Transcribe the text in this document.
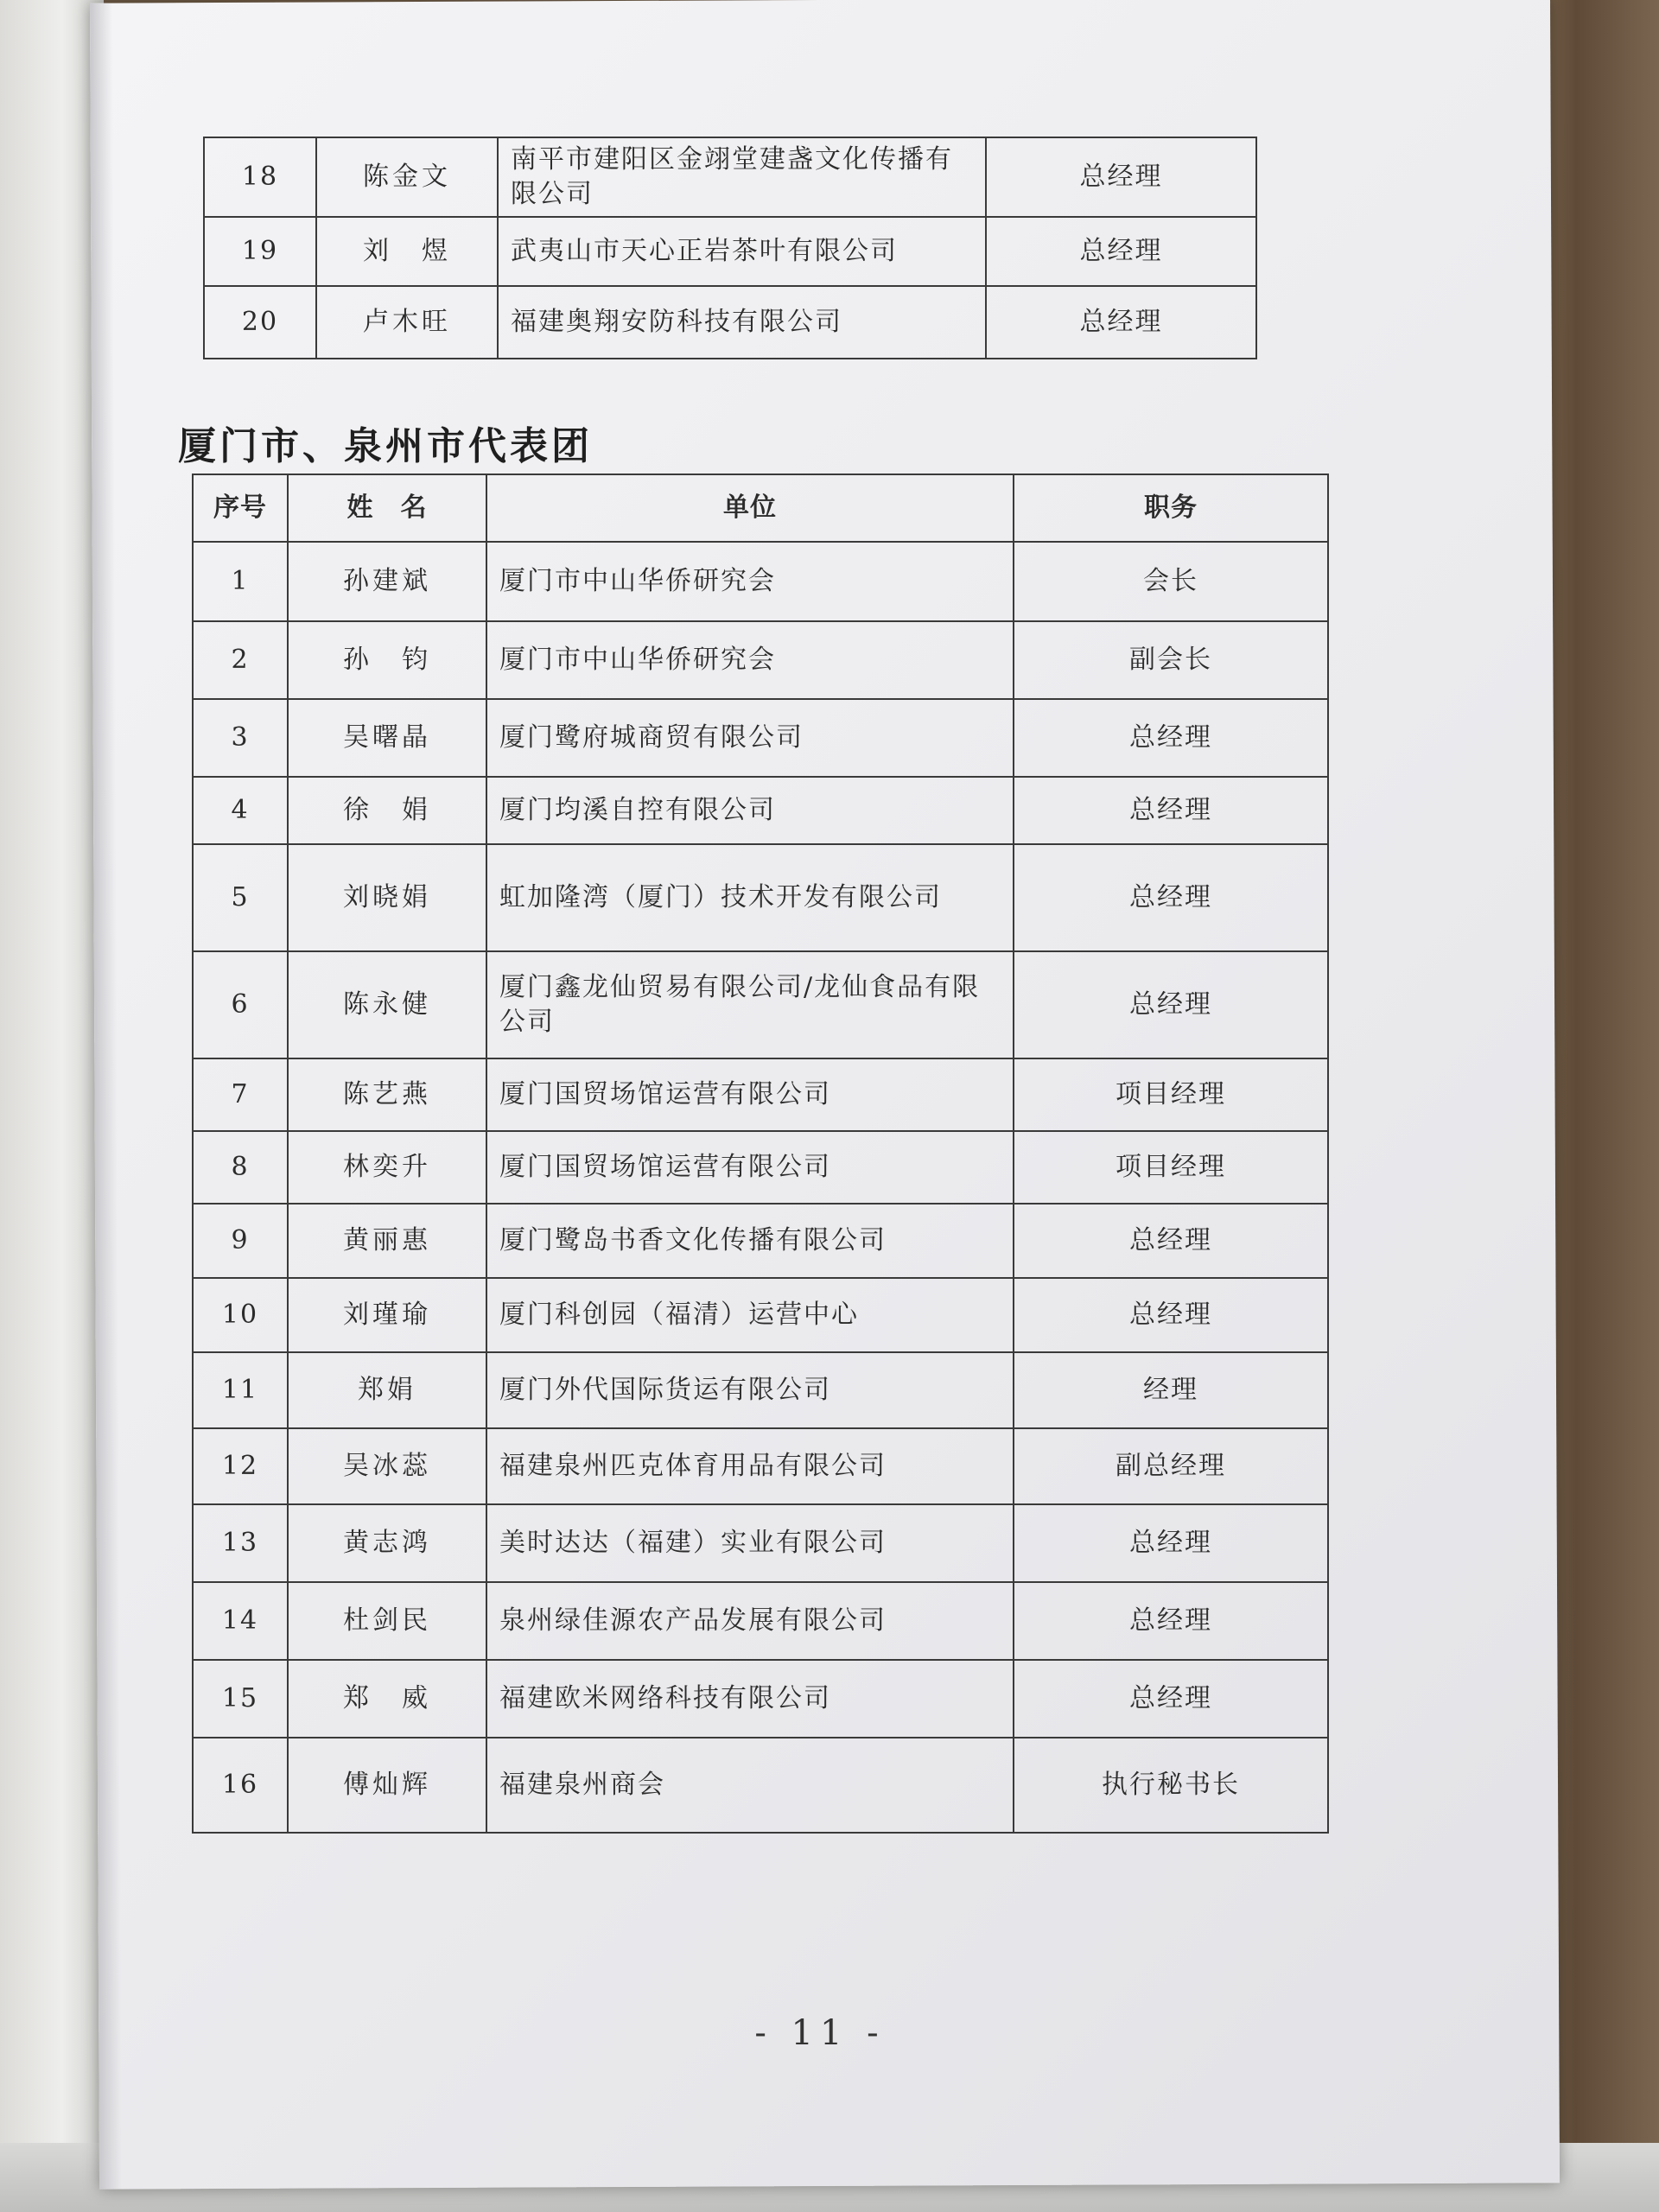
18	陈金文	南平市建阳区金翊堂建盏文化传播有限公司	总经理
19	刘　煜	武夷山市天心正岩茶叶有限公司	总经理
20	卢木旺	福建奥翔安防科技有限公司	总经理
厦门市、泉州市代表团
序号	姓　名	单位	职务
1	孙建斌	厦门市中山华侨研究会	会长
2	孙　钧	厦门市中山华侨研究会	副会长
3	吴曙晶	厦门鹭府城商贸有限公司	总经理
4	徐　娟	厦门均溪自控有限公司	总经理
5	刘晓娟	虹加隆湾（厦门）技术开发有限公司	总经理
6	陈永健	厦门鑫龙仙贸易有限公司/龙仙食品有限公司	总经理
7	陈艺燕	厦门国贸场馆运营有限公司	项目经理
8	林奕升	厦门国贸场馆运营有限公司	项目经理
9	黄丽惠	厦门鹭岛书香文化传播有限公司	总经理
10	刘瑾瑜	厦门科创园（福清）运营中心	总经理
11	郑娟	厦门外代国际货运有限公司	经理
12	吴冰蕊	福建泉州匹克体育用品有限公司	副总经理
13	黄志鸿	美时达达（福建）实业有限公司	总经理
14	杜剑民	泉州绿佳源农产品发展有限公司	总经理
15	郑　威	福建欧米网络科技有限公司	总经理
16	傅灿辉	福建泉州商会	执行秘书长
- 11 -
